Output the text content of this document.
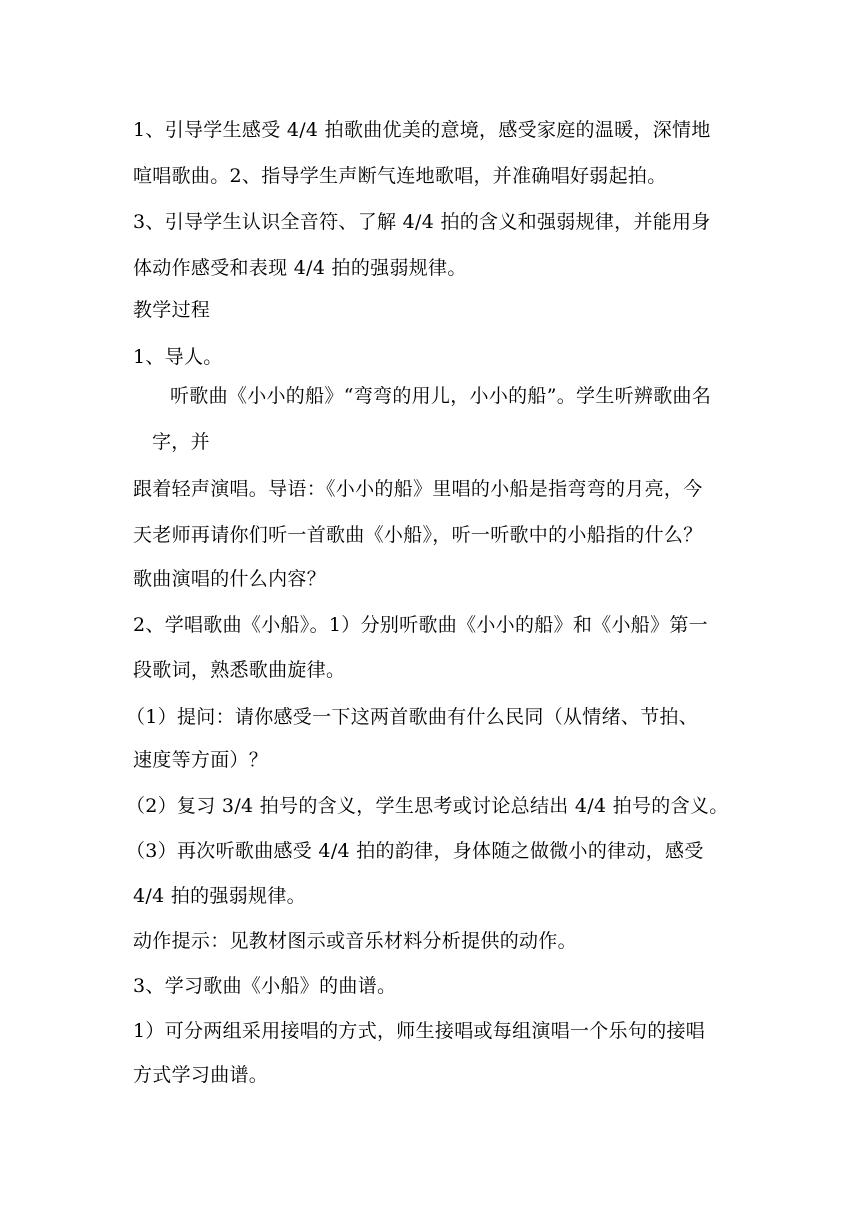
1、引导学生感受 4/4 拍歌曲优美的意境，感受家庭的温暖，深情地
喧唱歌曲。2、指导学生声断气连地歌唱，并准确唱好弱起拍。
3、引导学生认识全音符、了解 4/4 拍的含义和强弱规律，并能用身
体动作感受和表现 4/4 拍的强弱规律。
教学过程
1、导人。
听歌曲《小小的船》“弯弯的用儿，小小的船”。学生听辨歌曲名
字，并
跟着轻声演唱。导语：《小小的船》里唱的小船是指弯弯的月亮，今
天老师再请你们听一首歌曲《小船》，听一听歌中的小船指的什么？
歌曲演唱的什么内容？
2、学唱歌曲《小船》。1）分别听歌曲《小小的船》和《小船》第一
段歌词，熟悉歌曲旋律。
（1）提问：请你感受一下这两首歌曲有什么民同（从情绪、节拍、
速度等方面）？
（2）复习 3/4 拍号的含义，学生思考或讨论总结出 4/4 拍号的含义。
（3）再次听歌曲感受 4/4 拍的韵律，身体随之做微小的律动，感受
4/4 拍的强弱规律。
动作提示：见教材图示或音乐材料分析提供的动作。
3、学习歌曲《小船》的曲谱。
1）可分两组采用接唱的方式，师生接唱或每组演唱一个乐句的接唱
方式学习曲谱。
